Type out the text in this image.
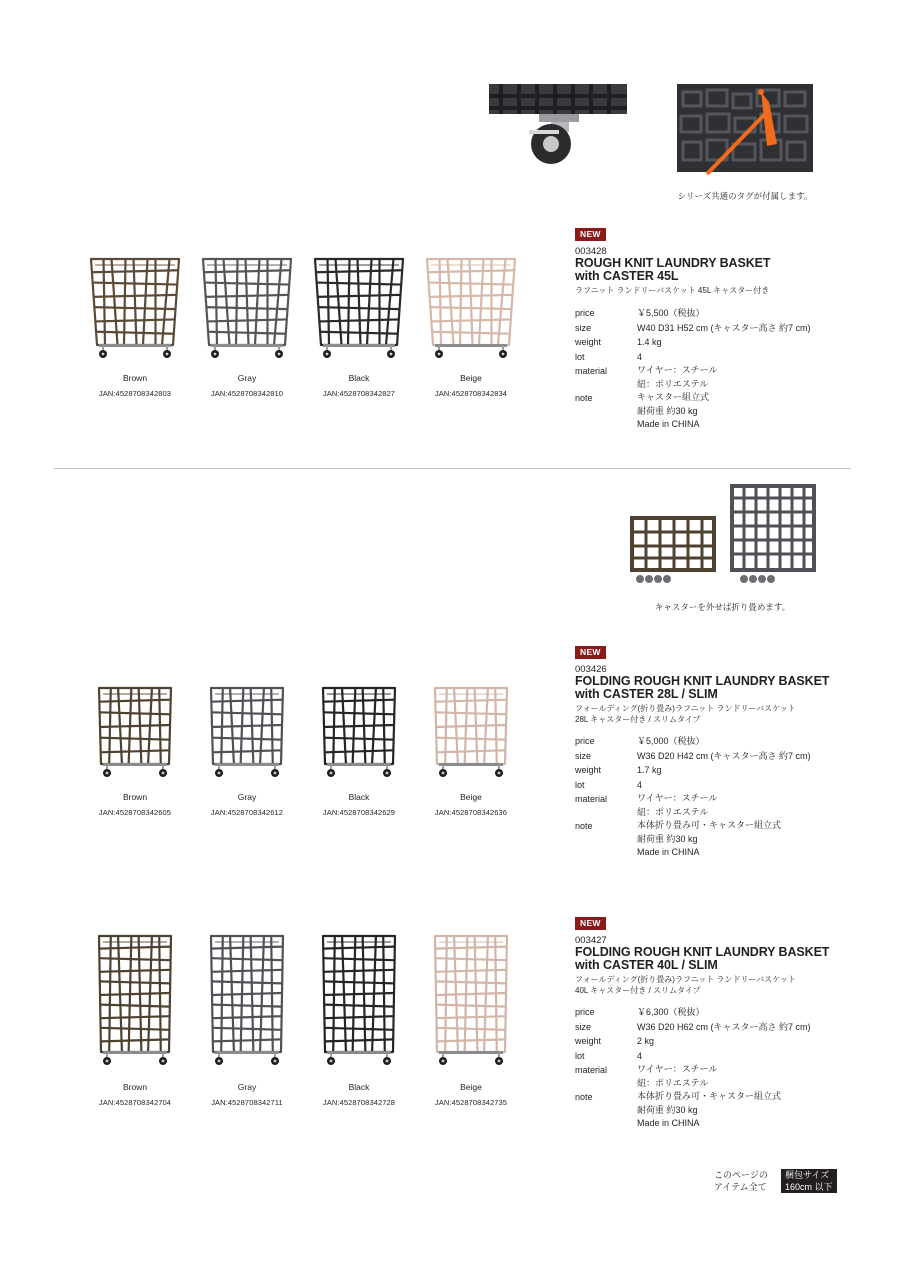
シリーズ共通のタグが付属します。
Brown
JAN:4528708342803
Gray
JAN:4528708342810
Black
JAN:4528708342827
Beige
JAN:4528708342834
NEW
003428
ROUGH KNIT LAUNDRY BASKET
with CASTER 45L
ラフニット ランドリーバスケット 45L キャスター付き
price	￥5,500（税抜）
size	W40 D31 H52 cm (キャスター高さ 約7 cm)
weight	1.4 kg
lot	4
material	ワイヤー：スチール
紐：ポリエステル
note	キャスター組立式
耐荷重 約30 kg
Made in CHINA
キャスターを外せば折り畳めます。
Brown
JAN:4528708342605
Gray
JAN:4528708342612
Black
JAN:4528708342629
Beige
JAN:4528708342636
NEW
003426
FOLDING ROUGH KNIT LAUNDRY BASKET
with CASTER 28L / SLIM
フォールディング(折り畳み)ラフニット ランドリーバスケット
28L キャスター付き / スリムタイプ
price	￥5,000（税抜）
size	W36 D20 H42 cm (キャスター高さ 約7 cm)
weight	1.7 kg
lot	4
material	ワイヤー：スチール
紐：ポリエステル
note	本体折り畳み可・キャスター組立式
耐荷重 約30 kg
Made in CHINA
Brown
JAN:4528708342704
Gray
JAN:4528708342711
Black
JAN:4528708342728
Beige
JAN:4528708342735
NEW
003427
FOLDING ROUGH KNIT LAUNDRY BASKET
with CASTER 40L / SLIM
フォールディング(折り畳み)ラフニット ランドリーバスケット
40L キャスター付き / スリムタイプ
price	￥6,300（税抜）
size	W36 D20 H62 cm (キャスター高さ 約7 cm)
weight	2 kg
lot	4
material	ワイヤー：スチール
紐：ポリエステル
note	本体折り畳み可・キャスター組立式
耐荷重 約30 kg
Made in CHINA
このページの
アイテム全て
梱包サイズ
160cm 以下
